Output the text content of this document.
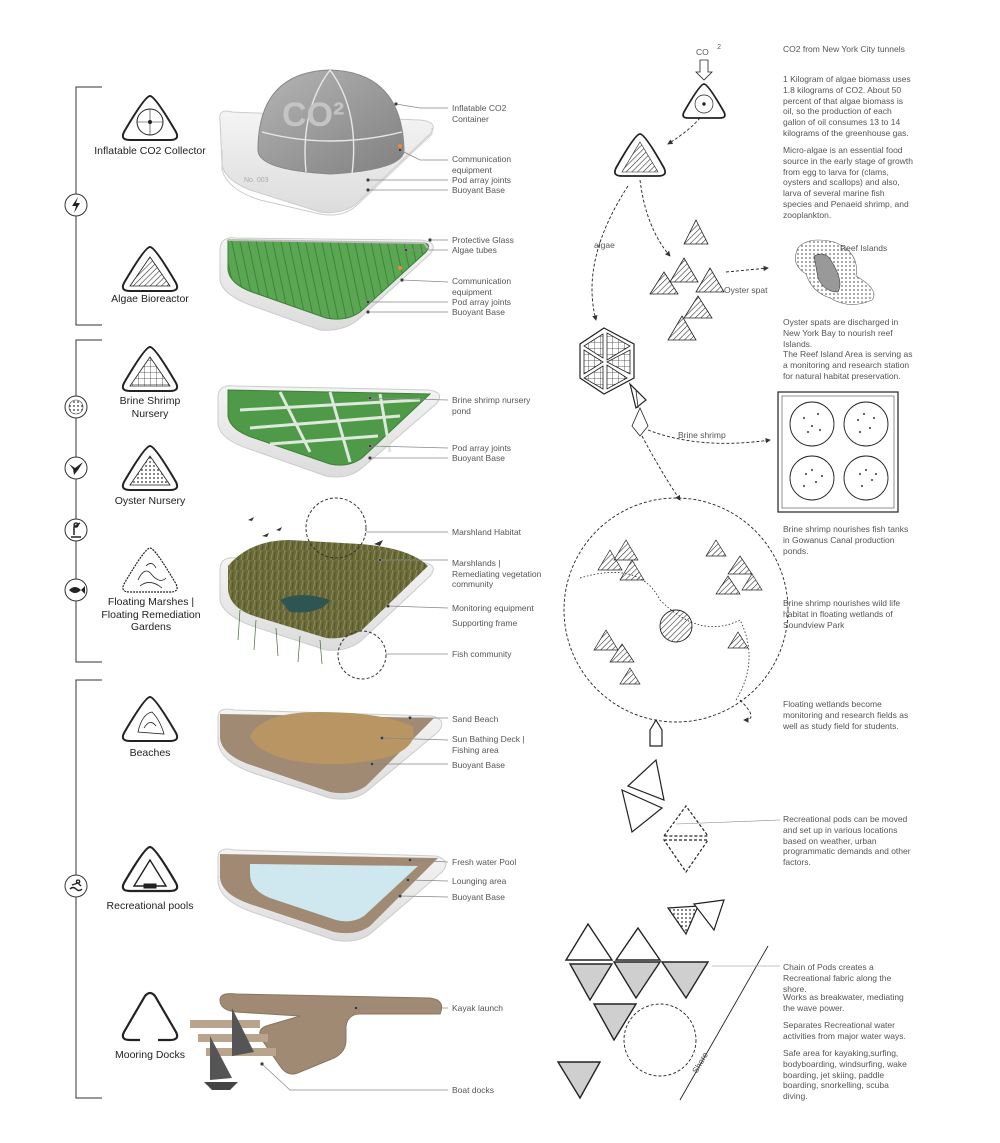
Inflatable CO2 Collector
Algae Bioreactor
Brine Shrimp Nursery
Oyster Nursery
Floating Marshes | Floating Remediation Gardens
Beaches
Recreational pools
Mooring Docks
CO²
No. 003
Inflatable CO2 Container
Communication equipment
Pod array joints
Buoyant Base
Protective Glass
Algae tubes
Communication equipment
Pod array joints
Buoyant Base
Brine shrimp nursery pond
Pod array joints
Buoyant Base
Marshland Habitat
Marshlands | Remediating vegetation community
Monitoring equipment
Supporting frame
Fish community
Sand Beach
Sun Bathing Deck | Fishing area
Buoyant Base
Fresh water Pool
Lounging area
Buoyant Base
Kayak launch
Boat docks
CO $^2$
algae
Oyster spat
Reef Islands
Brine shrimp
Shore
CO2 from New York City tunnels
1 Kilogram of algae biomass uses 1.8 kilograms of CO2. About 50 percent of that algae biomass is oil, so the production of each gallon of oil consumes 13 to 14 kilograms of the greenhouse gas.
Micro-algae is an essential food source in the early stage of growth from egg to larva for (clams, oysters and scallops) and also, larva of several marine fish species and Penaeid shrimp, and zooplankton.
Oyster spats are discharged in New York Bay to nourish reef Islands.
The Reef Island Area is serving as a monitoring and research station for natural habitat preservation.
Brine shrimp nourishes fish tanks in Gowanus Canal production ponds.
Brine shrimp nourishes wild life habitat in floating wetlands of Soundview Park
Floating wetlands become monitoring and research fields as well as study field for students.
Recreational pods can be moved and set up in various locations based on weather, urban programmatic demands and other factors.
Chain of Pods creates a Recreational fabric along the shore.
Works as breakwater, mediating the wave power.
Separates Recreational water activities from major water ways.
Safe area for kayaking,surfing, bodyboarding, windsurfing, wake boarding, jet skiing, paddle boarding, snorkelling, scuba diving.
